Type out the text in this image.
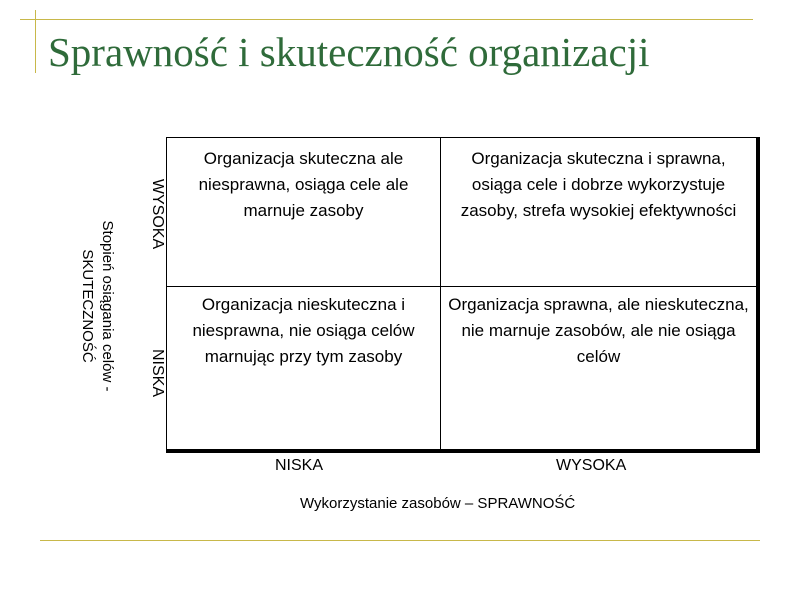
Sprawność i skuteczność organizacji
Stopień osiągania celów - SKUTECZNOŚĆ
WYSOKA
NISKA
Organizacja skuteczna ale niesprawna, osiąga cele ale marnuje zasoby
Organizacja skuteczna i sprawna, osiąga cele i dobrze wykorzystuje zasoby, strefa wysokiej efektywności
Organizacja nieskuteczna i niesprawna, nie osiąga celów marnując przy tym zasoby
Organizacja sprawna, ale nieskuteczna, nie marnuje zasobów, ale nie osiąga celów
NISKA	WYSOKA
Wykorzystanie zasobów – SPRAWNOŚĆ
